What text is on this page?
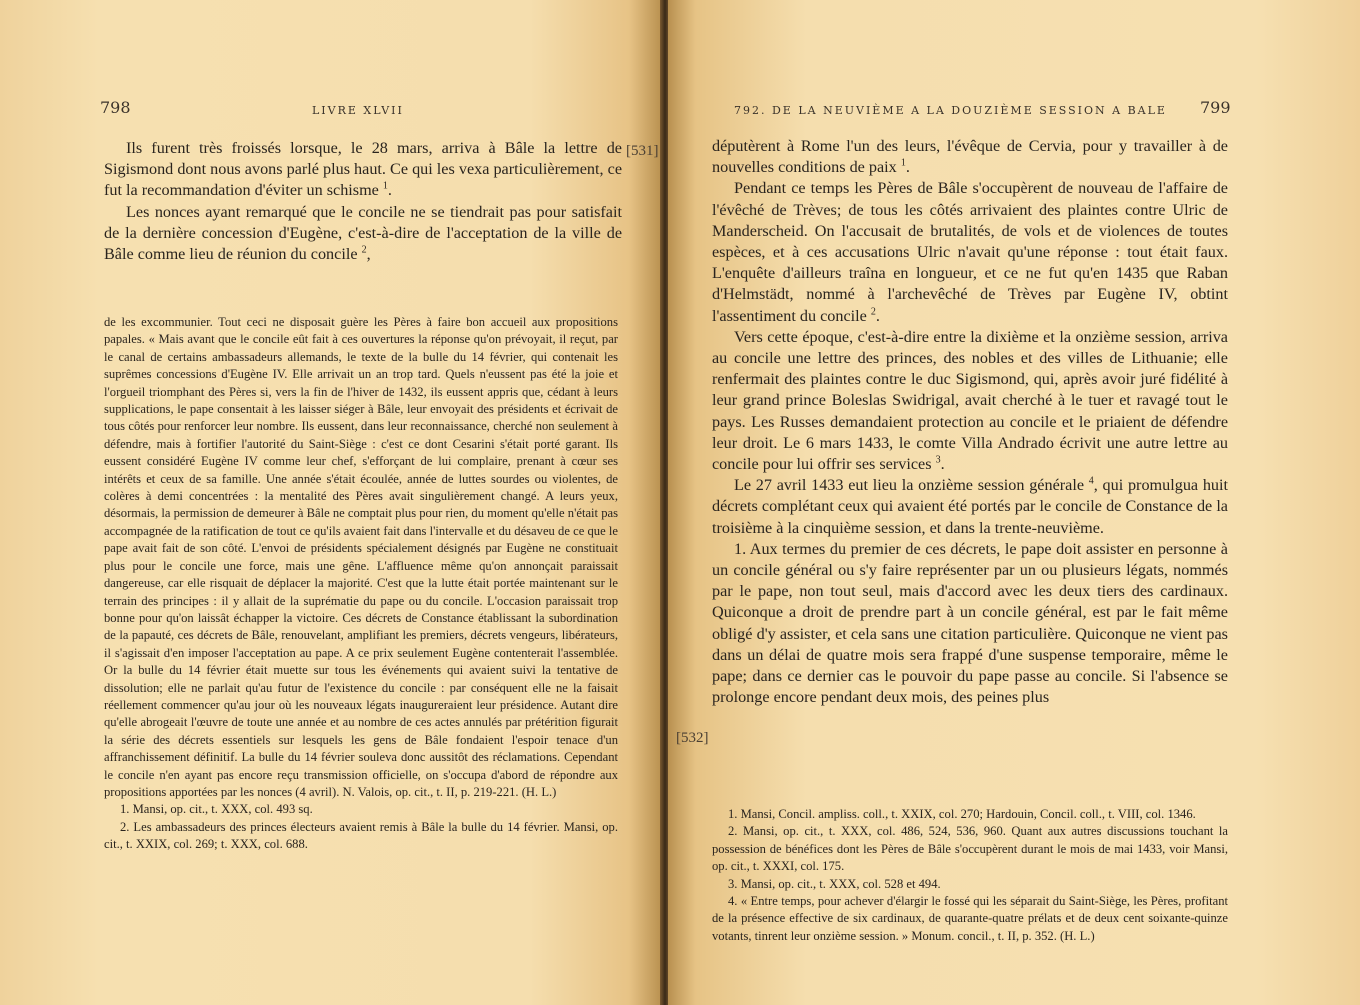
798	LIVRE XLVII
[531]

Ils furent très froissés lorsque, le 28 mars, arriva à Bâle la lettre de Sigismond dont nous avons parlé plus haut. Ce qui les vexa particulièrement, ce fut la recommandation d'éviter un schisme $^1$.

Les nonces ayant remarqué que le concile ne se tiendrait pas pour satisfait de la dernière concession d'Eugène, c'est-à-dire de l'acceptation de la ville de Bâle comme lieu de réunion du concile $^2$,

de les excommunier. Tout ceci ne disposait guère les Pères à faire bon accueil aux propositions papales. « Mais avant que le concile eût fait à ces ouvertures la réponse qu'on prévoyait, il reçut, par le canal de certains ambassadeurs allemands, le texte de la bulle du 14 février, qui contenait les suprêmes concessions d'Eugène IV. Elle arrivait un an trop tard. Quels n'eussent pas été la joie et l'orgueil triomphant des Pères si, vers la fin de l'hiver de 1432, ils eussent appris que, cédant à leurs supplications, le pape consentait à les laisser siéger à Bâle, leur envoyait des présidents et écrivait de tous côtés pour renforcer leur nombre. Ils eussent, dans leur reconnaissance, cherché non seulement à défendre, mais à fortifier l'autorité du Saint-Siège : c'est ce dont Cesarini s'était porté garant. Ils eussent considéré Eugène IV comme leur chef, s'efforçant de lui complaire, prenant à cœur ses intérêts et ceux de sa famille. Une année s'était écoulée, année de luttes sourdes ou violentes, de colères à demi concentrées : la mentalité des Pères avait singulièrement changé. A leurs yeux, désormais, la permission de demeurer à Bâle ne comptait plus pour rien, du moment qu'elle n'était pas accompagnée de la ratification de tout ce qu'ils avaient fait dans l'intervalle et du désaveu de ce que le pape avait fait de son côté. L'envoi de présidents spécialement désignés par Eugène ne constituait plus pour le concile une force, mais une gêne. L'affluence même qu'on annonçait paraissait dangereuse, car elle risquait de déplacer la majorité. C'est que la lutte était portée maintenant sur le terrain des principes : il y allait de la suprématie du pape ou du concile. L'occasion paraissait trop bonne pour qu'on laissât échapper la victoire. Ces décrets de Constance établissant la subordination de la papauté, ces décrets de Bâle, renouvelant, amplifiant les premiers, décrets vengeurs, libérateurs, il s'agissait d'en imposer l'acceptation au pape. A ce prix seulement Eugène contenterait l'assemblée. Or la bulle du 14 février était muette sur tous les événements qui avaient suivi la tentative de dissolution; elle ne parlait qu'au futur de l'existence du concile : par conséquent elle ne la faisait réellement commencer qu'au jour où les nouveaux légats inaugureraient leur présidence. Autant dire qu'elle abrogeait l'œuvre de toute une année et au nombre de ces actes annulés par prétérition figurait la série des décrets essentiels sur lesquels les gens de Bâle fondaient l'espoir tenace d'un affranchissement définitif. La bulle du 14 février souleva donc aussitôt des réclamations. Cependant le concile n'en ayant pas encore reçu transmission officielle, on s'occupa d'abord de répondre aux propositions apportées par les nonces (4 avril). N. Valois, op. cit., t. II, p. 219-221. (H. L.)

1. Mansi, op. cit., t. XXX, col. 493 sq.

2. Les ambassadeurs des princes électeurs avaient remis à Bâle la bulle du 14 février. Mansi, op. cit., t. XXIX, col. 269; t. XXX, col. 688.

792. DE LA NEUVIÈME A LA DOUZIÈME SESSION A BALE 799
[532]

députèrent à Rome l'un des leurs, l'évêque de Cervia, pour y travailler à de nouvelles conditions de paix $^1$.

Pendant ce temps les Pères de Bâle s'occupèrent de nouveau de l'affaire de l'évêché de Trèves; de tous les côtés arrivaient des plaintes contre Ulric de Manderscheid. On l'accusait de brutalités, de vols et de violences de toutes espèces, et à ces accusations Ulric n'avait qu'une réponse : tout était faux. L'enquête d'ailleurs traîna en longueur, et ce ne fut qu'en 1435 que Raban d'Helmstädt, nommé à l'archevêché de Trèves par Eugène IV, obtint l'assentiment du concile $^2$.

Vers cette époque, c'est-à-dire entre la dixième et la onzième session, arriva au concile une lettre des princes, des nobles et des villes de Lithuanie; elle renfermait des plaintes contre le duc Sigismond, qui, après avoir juré fidélité à leur grand prince Boleslas Swidrigal, avait cherché à le tuer et ravagé tout le pays. Les Russes demandaient protection au concile et le priaient de défendre leur droit. Le 6 mars 1433, le comte Villa Andrado écrivit une autre lettre au concile pour lui offrir ses services $^3$.

Le 27 avril 1433 eut lieu la onzième session générale $^4$, qui promulgua huit décrets complétant ceux qui avaient été portés par le concile de Constance de la troisième à la cinquième session, et dans la trente-neuvième.

1. Aux termes du premier de ces décrets, le pape doit assister en personne à un concile général ou s'y faire représenter par un ou plusieurs légats, nommés par le pape, non tout seul, mais d'accord avec les deux tiers des cardinaux. Quiconque a droit de prendre part à un concile général, est par le fait même obligé d'y assister, et cela sans une citation particulière. Quiconque ne vient pas dans un délai de quatre mois sera frappé d'une suspense temporaire, même le pape; dans ce dernier cas le pouvoir du pape passe au concile. Si l'absence se prolonge encore pendant deux mois, des peines plus

1. Mansi, Concil. ampliss. coll., t. XXIX, col. 270; Hardouin, Concil. coll., t. VIII, col. 1346.

2. Mansi, op. cit., t. XXX, col. 486, 524, 536, 960. Quant aux autres discussions touchant la possession de bénéfices dont les Pères de Bâle s'occupèrent durant le mois de mai 1433, voir Mansi, op. cit., t. XXXI, col. 175.

3. Mansi, op. cit., t. XXX, col. 528 et 494.

4. « Entre temps, pour achever d'élargir le fossé qui les séparait du Saint-Siège, les Pères, profitant de la présence effective de six cardinaux, de quarante-quatre prélats et de deux cent soixante-quinze votants, tinrent leur onzième session. » Monum. concil., t. II, p. 352. (H. L.)
